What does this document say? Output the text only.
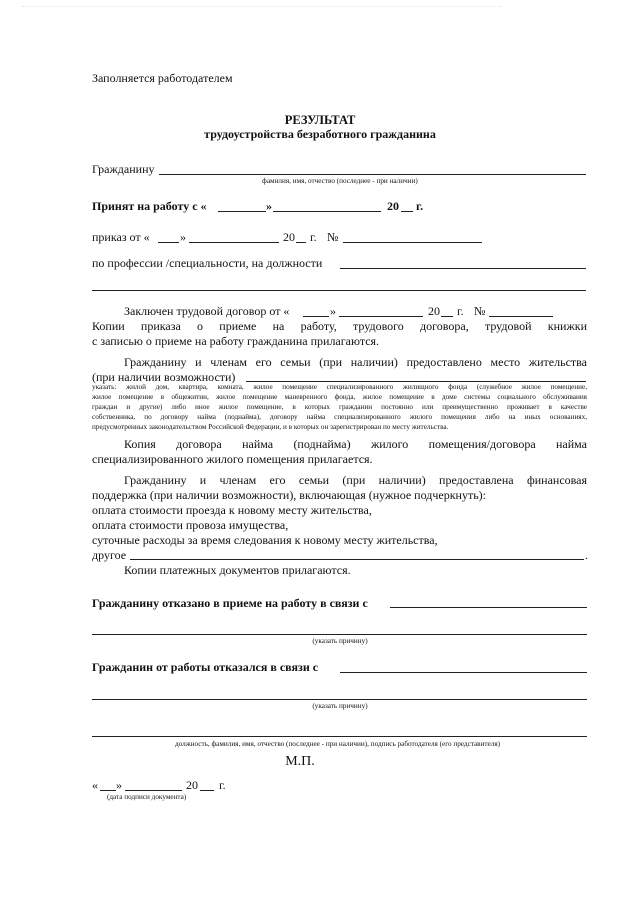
Заполняется работодателем
РЕЗУЛЬТАТ
трудоустройства безработного гражданина
Гражданину
фамилия, имя, отчество (последнее - при наличии)
Принят на работу с «	»	20 г.
приказ от «	»	20 г. №
по профессии /специальности, на должности
Заключен трудовой договор от «	»	20 г. №
Копии приказа о приеме на работу, трудового договора, трудовой книжки
с записью о приеме на работу гражданина прилагаются.
Гражданину и членам его семьи (при наличии) предоставлено место жительства
(при наличии возможности)
указать: жилой дом, квартира, комната, жилое помещение специализированного жилищного фонда (служебное жилое помещение,
жилое помещение в общежитии, жилое помещение маневренного фонда, жилое помещение в доме системы социального обслуживания
граждан и другие) либо иное жилое помещение, в которых гражданин постоянно или преимущественно проживает в качестве
собственника, по договору найма (поднайма), договору найма специализированного жилого помещения либо на иных основаниях,
предусмотренных законодательством Российской Федерации, и в которых он зарегистрирован по месту жительства.
Копия договора найма (поднайма) жилого помещения/договора найма
специализированного жилого помещения прилагается.
Гражданину и членам его семьи (при наличии) предоставлена финансовая
поддержка (при наличии возможности), включающая (нужное подчеркнуть):
оплата стоимости проезда к новому месту жительства,
оплата стоимости провоза имущества,
суточные расходы за время следования к новому месту жительства,
другое	.
Копии платежных документов прилагаются.
Гражданину отказано в приеме на работу в связи с
(указать причину)
Гражданин от работы отказался в связи с
(указать причину)
должность, фамилия, имя, отчество (последнее - при наличии), подпись работодателя (его представителя)
М.П.
« »	20 г.
(дата подписи документа)
